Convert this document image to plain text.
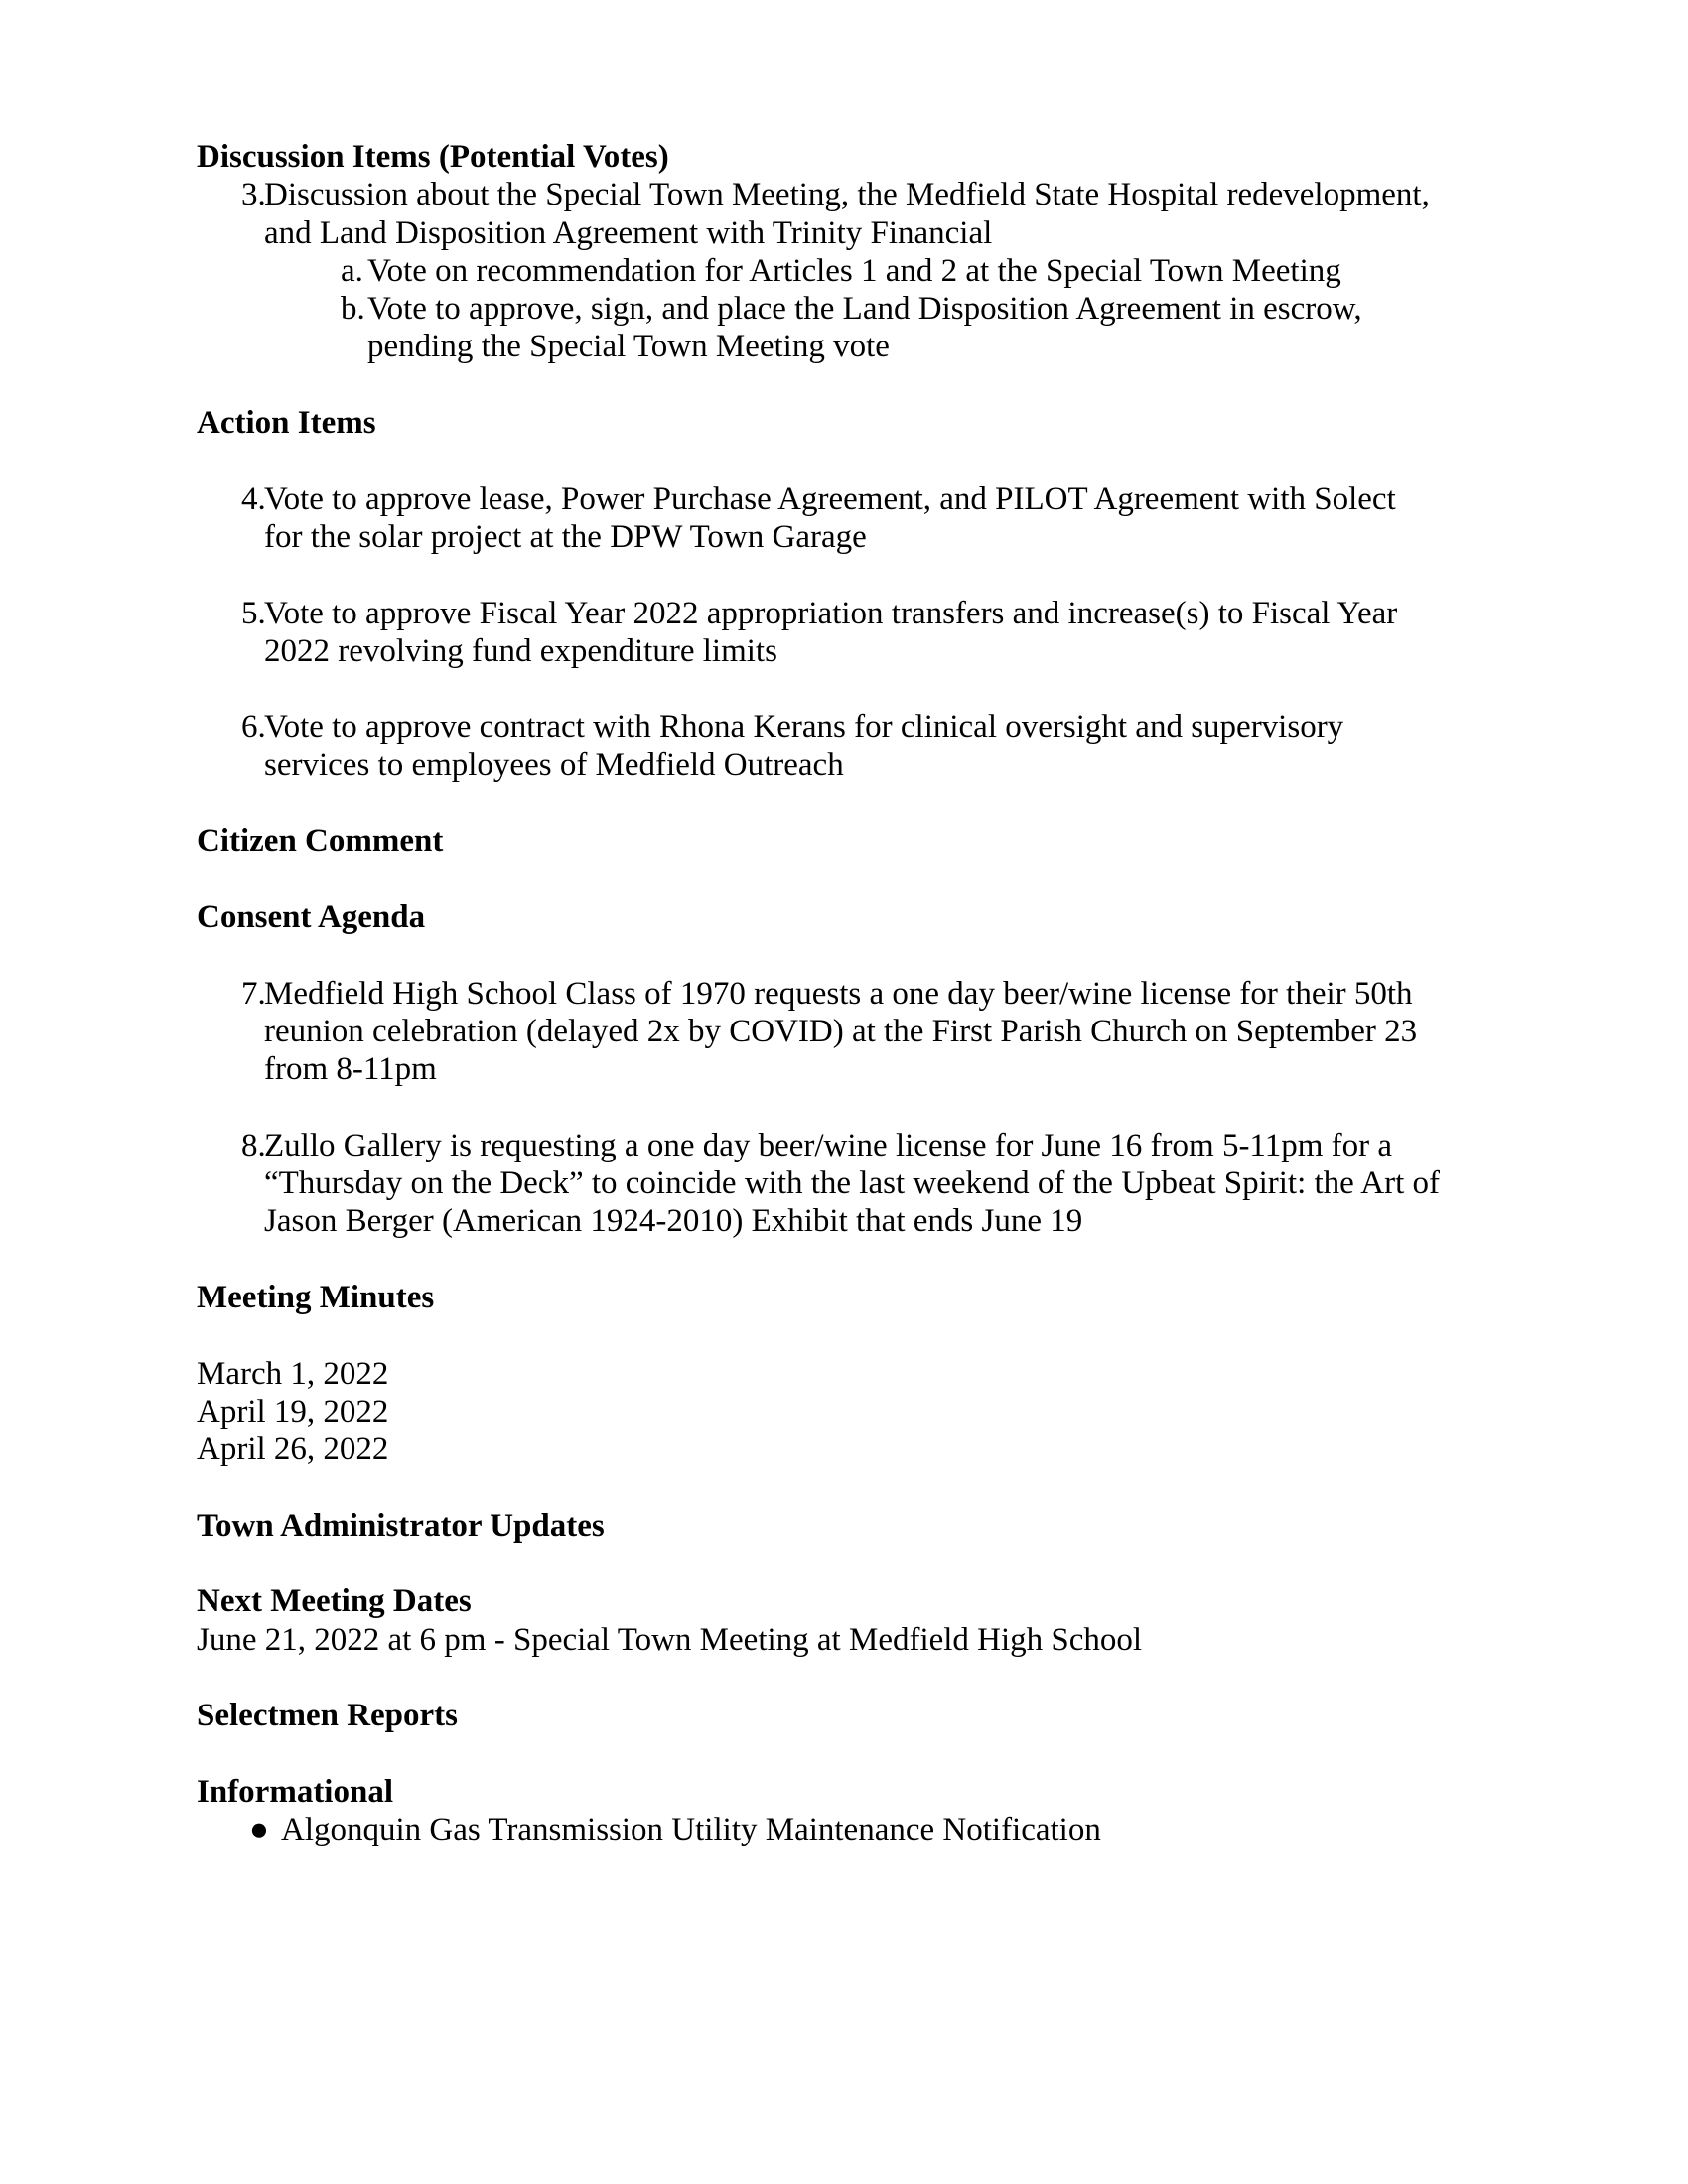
Discussion Items (Potential Votes)
3.
Discussion about the Special Town Meeting, the Medfield State Hospital redevelopment,
and Land Disposition Agreement with Trinity Financial
a. Vote on recommendation for Articles 1 and 2 at the Special Town Meeting
b. Vote to approve, sign, and place the Land Disposition Agreement in escrow,
pending the Special Town Meeting vote
Action Items
4.
Vote to approve lease, Power Purchase Agreement, and PILOT Agreement with Solect
for the solar project at the DPW Town Garage
5.
Vote to approve Fiscal Year 2022 appropriation transfers and increase(s) to Fiscal Year
2022 revolving fund expenditure limits
6.
Vote to approve contract with Rhona Kerans for clinical oversight and supervisory
services to employees of Medfield Outreach
Citizen Comment
Consent Agenda
7.
Medfield High School Class of 1970 requests a one day beer/wine license for their 50th
reunion celebration (delayed 2x by COVID) at the First Parish Church on September 23
from 8-11pm
8.
Zullo Gallery is requesting a one day beer/wine license for June 16 from 5-11pm for a
“Thursday on the Deck” to coincide with the last weekend of the Upbeat Spirit: the Art of
Jason Berger (American 1924-2010) Exhibit that ends June 19
Meeting Minutes
March 1, 2022
April 19, 2022
April 26, 2022
Town Administrator Updates
Next Meeting Dates
June 21, 2022 at 6 pm - Special Town Meeting at Medfield High School
Selectmen Reports
Informational
● Algonquin Gas Transmission Utility Maintenance Notification
